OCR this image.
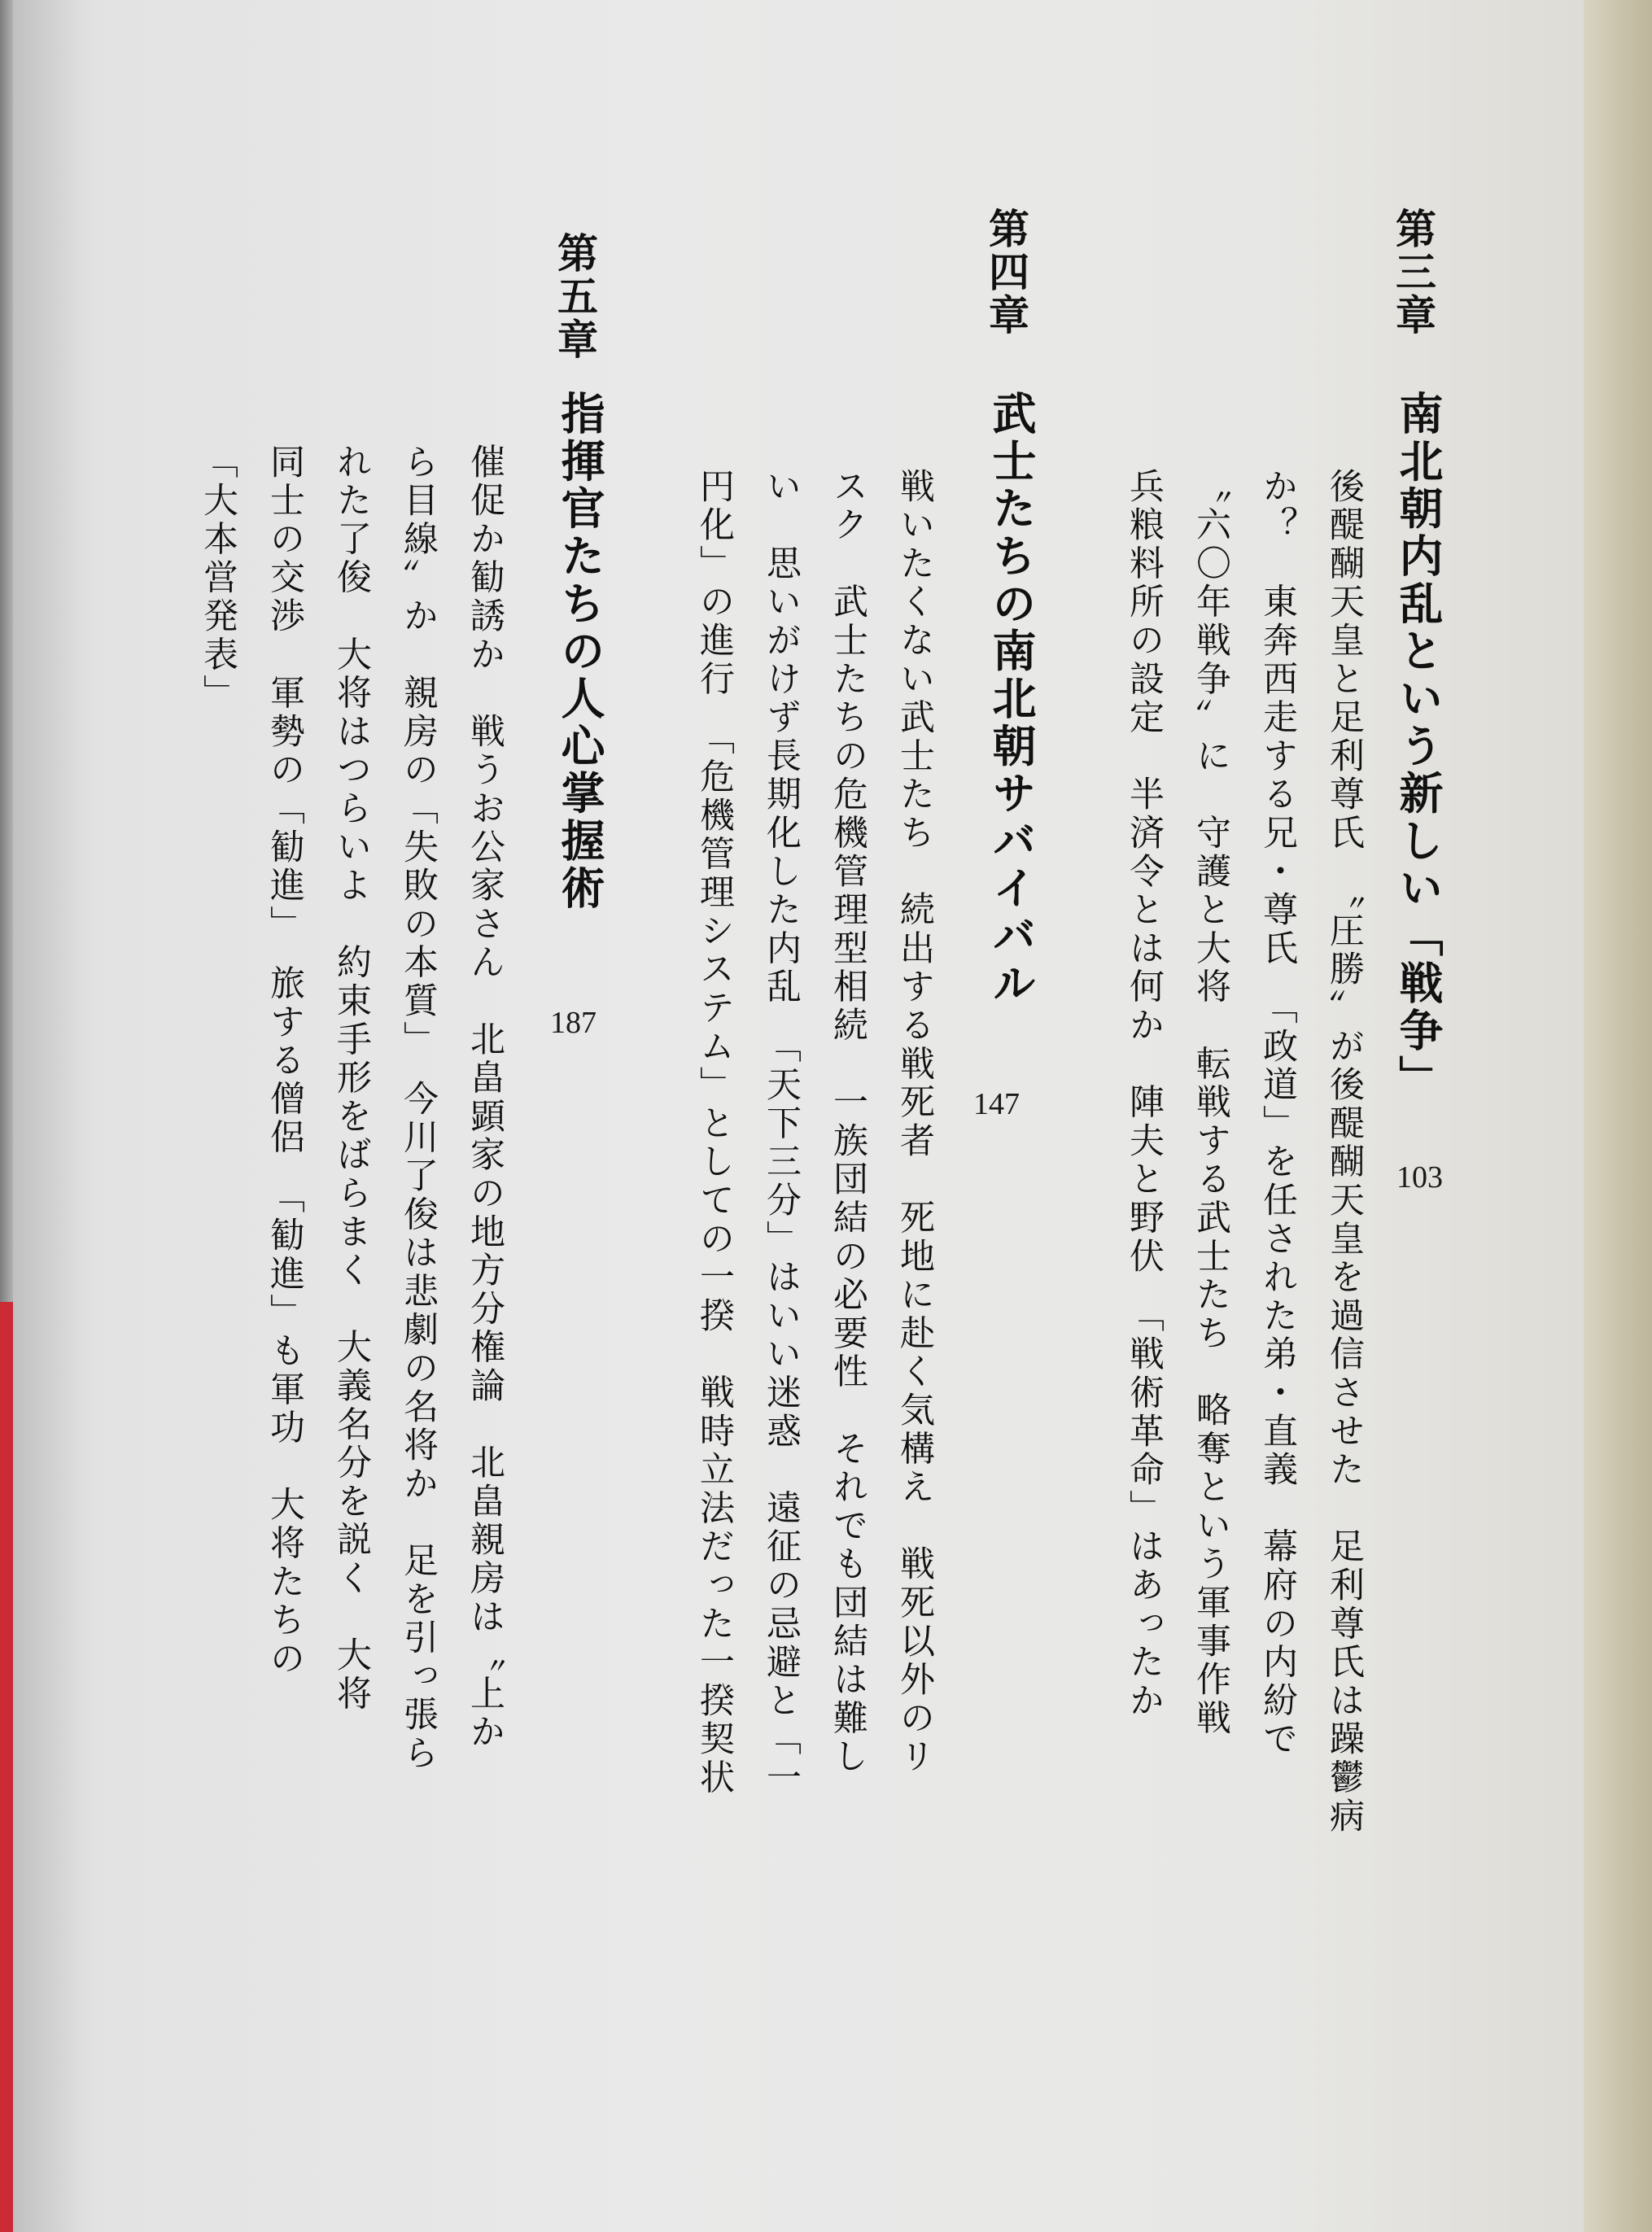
第三章
南北朝内乱という新しい「戦争」
103
後醍醐天皇と足利尊氏　〝圧勝〟が後醍醐天皇を過信させた　足利尊氏は躁鬱病
か？　東奔西走する兄・尊氏　「政道」を任された弟・直義　幕府の内紛で
〝六〇年戦争〟に　守護と大将　転戦する武士たち　略奪という軍事作戦
兵粮料所の設定　半済令とは何か　陣夫と野伏　「戦術革命」はあったか
第四章
武士たちの南北朝サバイバル
147
戦いたくない武士たち　続出する戦死者　死地に赴く気構え　戦死以外のリ
スク　武士たちの危機管理型相続　一族団結の必要性　それでも団結は難し
い　思いがけず長期化した内乱　「天下三分」はいい迷惑　遠征の忌避と「一
円化」の進行　「危機管理システム」としての一揆　戦時立法だった一揆契状
第五章
指揮官たちの人心掌握術
187
催促か勧誘か　戦うお公家さん　北畠顕家の地方分権論　北畠親房は〝上か
ら目線〟か　親房の「失敗の本質」　今川了俊は悲劇の名将か　足を引っ張ら
れた了俊　大将はつらいよ　約束手形をばらまく　大義名分を説く　大将
同士の交渉　軍勢の「勧進」　旅する僧侶　「勧進」も軍功　大将たちの
「大本営発表」
